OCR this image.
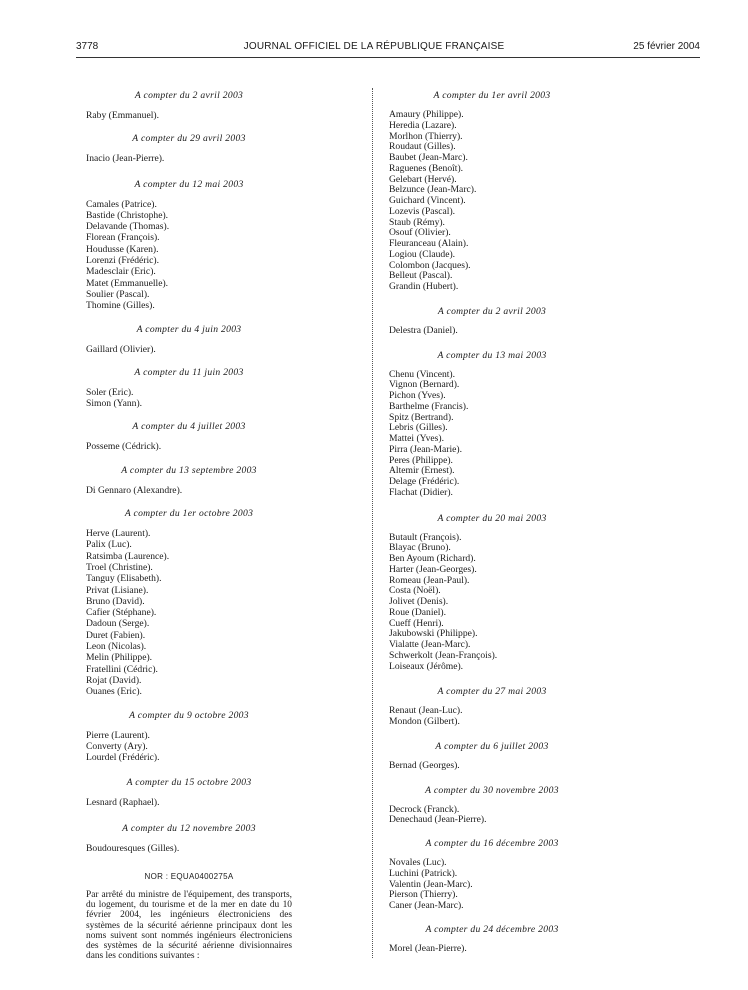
3778	JOURNAL OFFICIEL DE LA RÉPUBLIQUE FRANÇAISE	25 février 2004
A compter du 2 avril 2003
Raby (Emmanuel).
A compter du 29 avril 2003
Inacio (Jean-Pierre).
A compter du 12 mai 2003
Camales (Patrice).
Bastide (Christophe).
Delavande (Thomas).
Florean (François).
Houdusse (Karen).
Lorenzi (Frédéric).
Madesclair (Eric).
Matet (Emmanuelle).
Soulier (Pascal).
Thomine (Gilles).
A compter du 4 juin 2003
Gaillard (Olivier).
A compter du 11 juin 2003
Soler (Eric).
Simon (Yann).
A compter du 4 juillet 2003
Posseme (Cédrick).
A compter du 13 septembre 2003
Di Gennaro (Alexandre).
A compter du 1er octobre 2003
Herve (Laurent).
Palix (Luc).
Ratsimba (Laurence).
Troel (Christine).
Tanguy (Elisabeth).
Privat (Lisiane).
Bruno (David).
Cafier (Stéphane).
Dadoun (Serge).
Duret (Fabien).
Leon (Nicolas).
Melin (Philippe).
Fratellini (Cédric).
Rojat (David).
Ouanes (Eric).
A compter du 9 octobre 2003
Pierre (Laurent).
Converty (Ary).
Lourdel (Frédéric).
A compter du 15 octobre 2003
Lesnard (Raphael).
A compter du 12 novembre 2003
Boudouresques (Gilles).
NOR : EQUA0400275A

Par arrêté du ministre de l'équipement, des transports, du logement, du tourisme et de la mer en date du 10 février 2004, les ingénieurs électroniciens des systèmes de la sécurité aérienne principaux dont les noms suivent sont nommés ingénieurs électroniciens des systèmes de la sécurité aérienne divisionnaires dans les conditions suivantes :

A compter du 1er avril 2003
Amaury (Philippe).
Heredia (Lazare).
Morlhon (Thierry).
Roudaut (Gilles).
Baubet (Jean-Marc).
Raguenes (Benoît).
Gelebart (Hervé).
Belzunce (Jean-Marc).
Guichard (Vincent).
Lozevis (Pascal).
Staub (Rémy).
Osouf (Olivier).
Fleuranceau (Alain).
Logiou (Claude).
Colombon (Jacques).
Belleut (Pascal).
Grandin (Hubert).
A compter du 2 avril 2003
Delestra (Daniel).
A compter du 13 mai 2003
Chenu (Vincent).
Vignon (Bernard).
Pichon (Yves).
Barthelme (Francis).
Spitz (Bertrand).
Lebris (Gilles).
Mattei (Yves).
Pirra (Jean-Marie).
Peres (Philippe).
Altemir (Ernest).
Delage (Frédéric).
Flachat (Didier).
A compter du 20 mai 2003
Butault (François).
Blayac (Bruno).
Ben Ayoum (Richard).
Harter (Jean-Georges).
Romeau (Jean-Paul).
Costa (Noël).
Jolivet (Denis).
Roue (Daniel).
Cueff (Henri).
Jakubowski (Philippe).
Vialatte (Jean-Marc).
Schwerkolt (Jean-François).
Loiseaux (Jérôme).
A compter du 27 mai 2003
Renaut (Jean-Luc).
Mondon (Gilbert).
A compter du 6 juillet 2003
Bernad (Georges).
A compter du 30 novembre 2003
Decrock (Franck).
Denechaud (Jean-Pierre).
A compter du 16 décembre 2003
Novales (Luc).
Luchini (Patrick).
Valentin (Jean-Marc).
Pierson (Thierry).
Caner (Jean-Marc).
A compter du 24 décembre 2003
Morel (Jean-Pierre).
